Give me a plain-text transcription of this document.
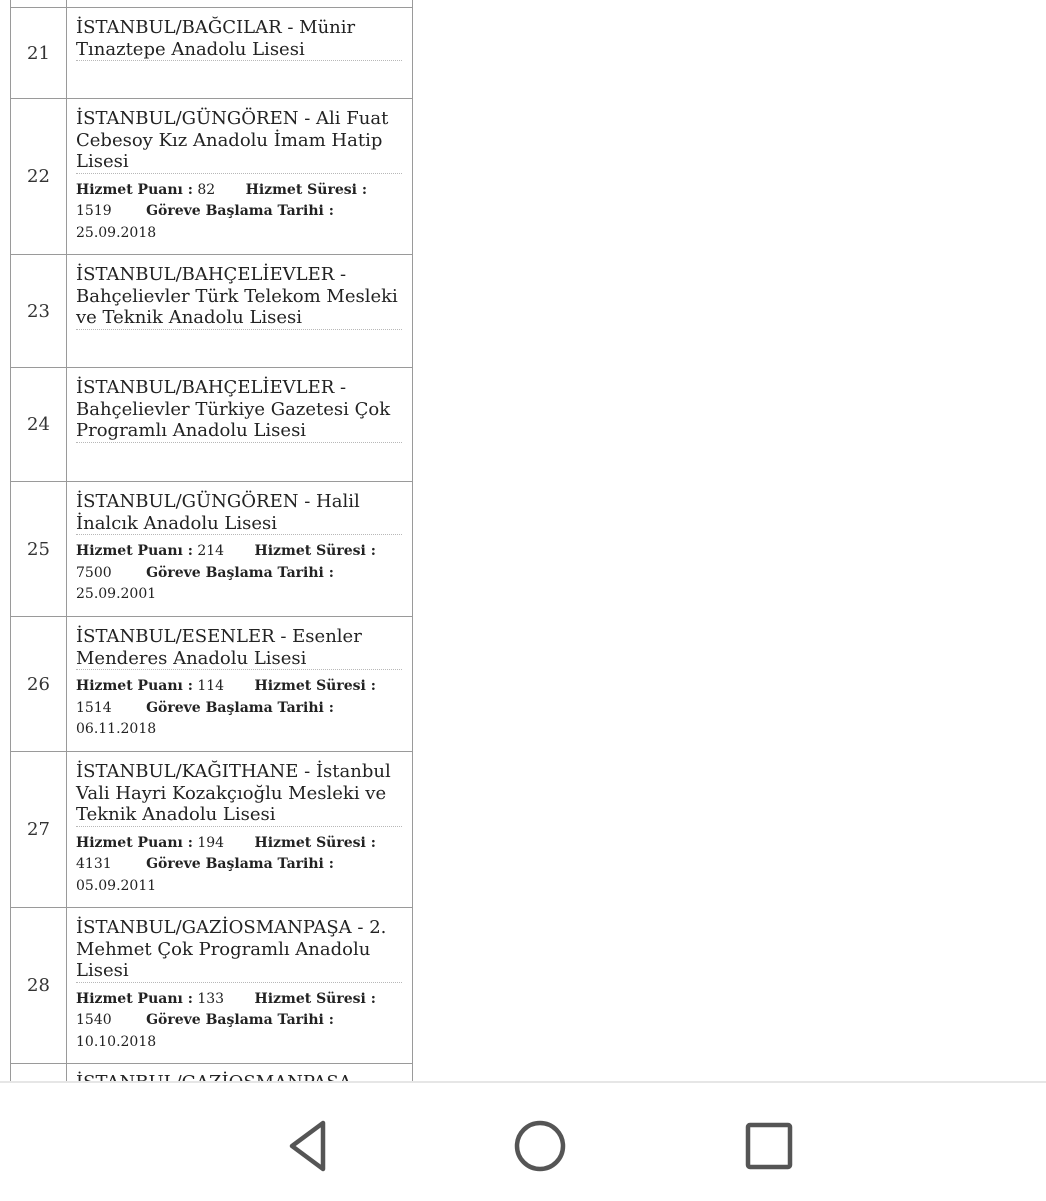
21	İSTANBUL/BAĞCILAR - Münir Tınaztepe Anadolu Lisesi

22	İSTANBUL/GÜNGÖREN - Ali Fuat Cebesoy Kız Anadolu İmam Hatip Lisesi
Hizmet Puanı : 82 Hizmet Süresi : 1519 Göreve Başlama Tarihi : 25.09.2018

23	İSTANBUL/BAHÇELİEVLER - Bahçelievler Türk Telekom Mesleki ve Teknik Anadolu Lisesi

24	İSTANBUL/BAHÇELİEVLER - Bahçelievler Türkiye Gazetesi Çok Programlı Anadolu Lisesi

25	İSTANBUL/GÜNGÖREN - Halil İnalcık Anadolu Lisesi
Hizmet Puanı : 214 Hizmet Süresi : 7500 Göreve Başlama Tarihi : 25.09.2001

26	İSTANBUL/ESENLER - Esenler Menderes Anadolu Lisesi
Hizmet Puanı : 114 Hizmet Süresi : 1514 Göreve Başlama Tarihi : 06.11.2018

27	İSTANBUL/KAĞITHANE - İstanbul Vali Hayri Kozakçıoğlu Mesleki ve Teknik Anadolu Lisesi
Hizmet Puanı : 194 Hizmet Süresi : 4131 Göreve Başlama Tarihi : 05.09.2011

28	İSTANBUL/GAZİOSMANPAŞA - 2. Mehmet Çok Programlı Anadolu Lisesi
Hizmet Puanı : 133 Hizmet Süresi : 1540 Göreve Başlama Tarihi : 10.10.2018
